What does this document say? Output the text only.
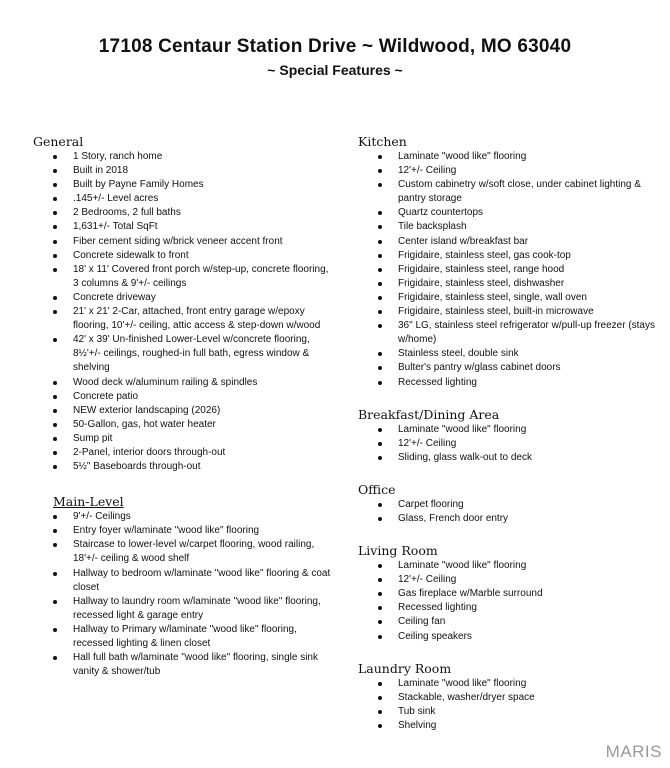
17108 Centaur Station Drive ~ Wildwood, MO 63040
~ Special Features ~
General
1 Story, ranch home
Built in 2018
Built by Payne Family Homes
.145+/- Level acres
2 Bedrooms, 2 full baths
1,631+/- Total SqFt
Fiber cement siding w/brick veneer accent front
Concrete sidewalk to front
18' x 11' Covered front porch w/step-up, concrete flooring, 3 columns & 9'+/- ceilings
Concrete driveway
21' x 21' 2-Car, attached, front entry garage w/epoxy flooring, 10'+/- ceiling, attic access & step-down w/wood
42' x 39' Un-finished Lower-Level w/concrete flooring, 8½'+/- ceilings, roughed-in full bath, egress window & shelving
Wood deck w/aluminum railing & spindles
Concrete patio
NEW exterior landscaping (2026)
50-Gallon, gas, hot water heater
Sump pit
2-Panel, interior doors through-out
5½" Baseboards through-out
Main-Level
9'+/- Ceilings
Entry foyer w/laminate "wood like" flooring
Staircase to lower-level w/carpet flooring, wood railing, 18'+/- ceiling & wood shelf
Hallway to bedroom w/laminate "wood like" flooring & coat closet
Hallway to laundry room w/laminate "wood like" flooring, recessed light & garage entry
Hallway to Primary w/laminate "wood like" flooring, recessed lighting & linen closet
Hall full bath w/laminate "wood like" flooring, single sink vanity & shower/tub
Kitchen
Laminate "wood like" flooring
12'+/- Ceiling
Custom cabinetry w/soft close, under cabinet lighting & pantry storage
Quartz countertops
Tile backsplash
Center island w/breakfast bar
Frigidaire, stainless steel, gas cook-top
Frigidaire, stainless steel, range hood
Frigidaire, stainless steel, dishwasher
Frigidaire, stainless steel, single, wall oven
Frigidaire, stainless steel, built-in microwave
36" LG, stainless steel refrigerator w/pull-up freezer (stays w/home)
Stainless steel, double sink
Bulter's pantry w/glass cabinet doors
Recessed lighting
Breakfast/Dining Area
Laminate "wood like" flooring
12'+/- Ceiling
Sliding, glass walk-out to deck
Office
Carpet flooring
Glass, French door entry
Living Room
Laminate "wood like" flooring
12'+/- Ceiling
Gas fireplace w/Marble surround
Recessed lighting
Ceiling fan
Ceiling speakers
Laundry Room
Laminate "wood like" flooring
Stackable, washer/dryer space
Tub sink
Shelving
MARIS
